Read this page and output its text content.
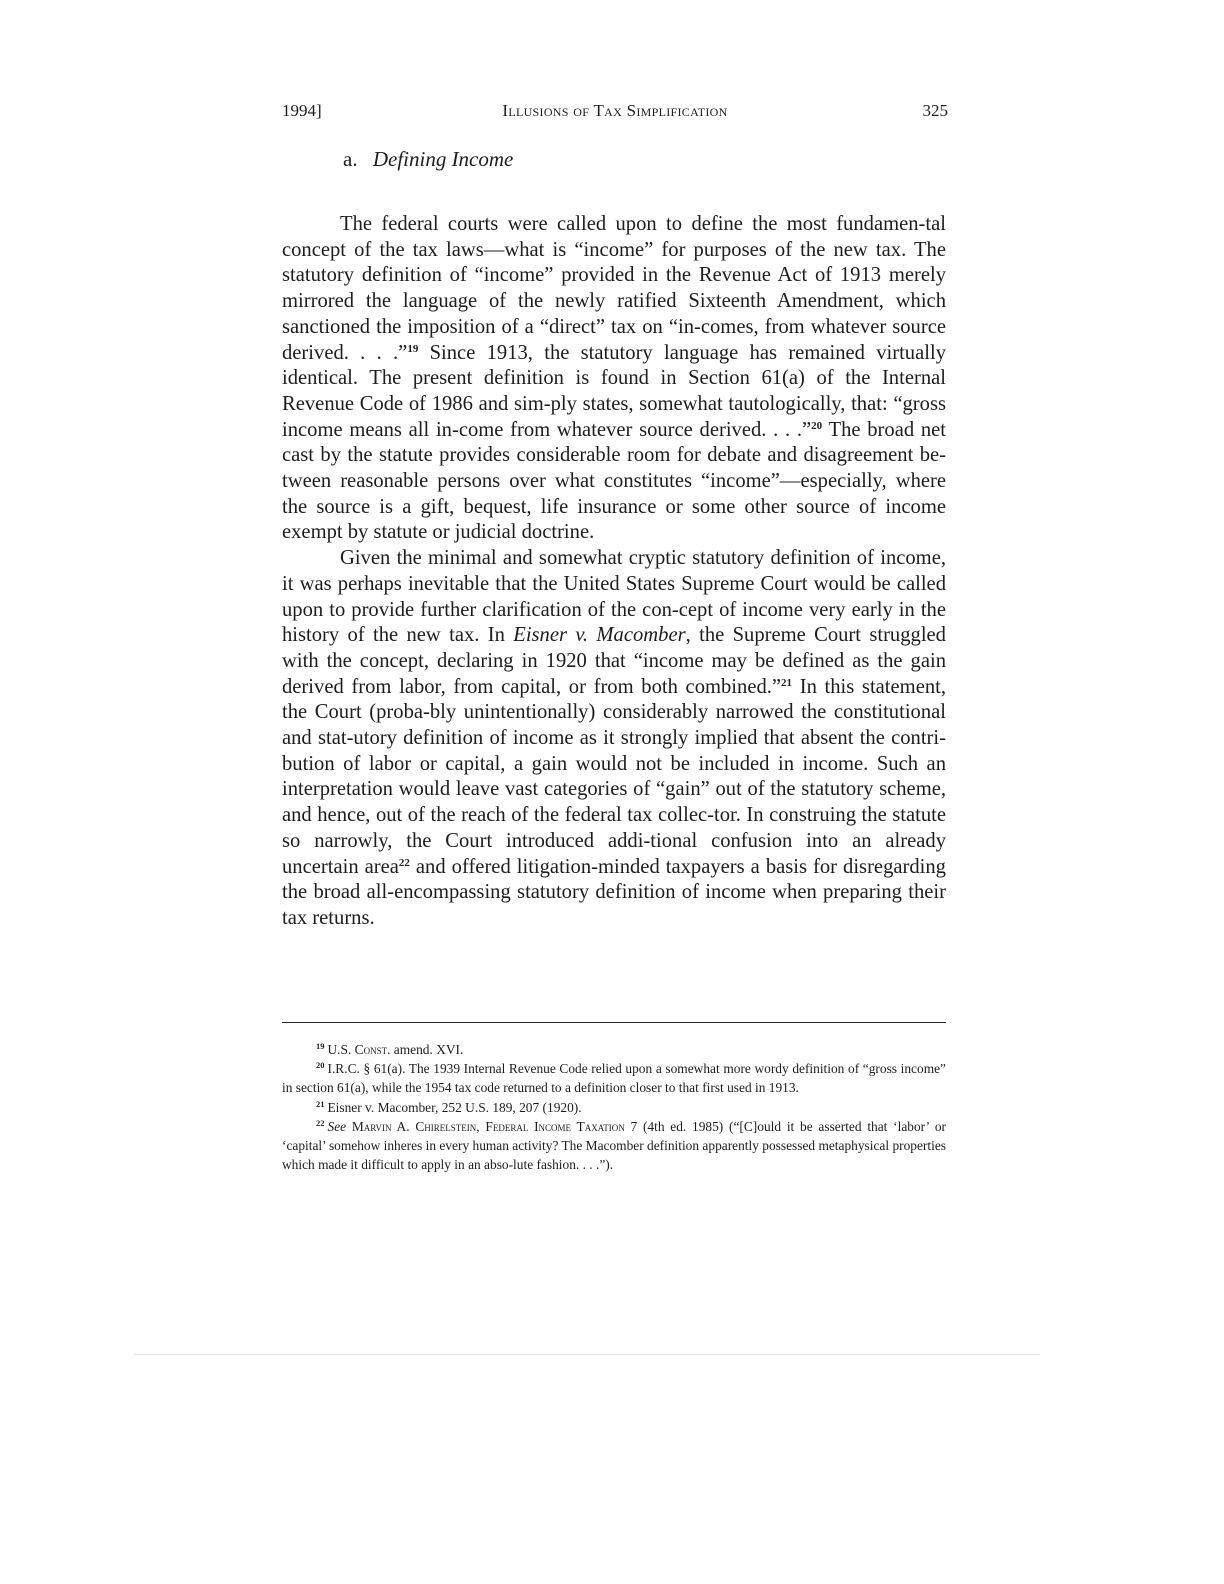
1994]	Illusions of Tax Simplification	325
a. Defining Income

The federal courts were called upon to define the most fundamen-tal concept of the tax laws—what is “income” for purposes of the new tax. The statutory definition of “income” provided in the Revenue Act of 1913 merely mirrored the language of the newly ratified Sixteenth Amendment, which sanctioned the imposition of a “direct” tax on “in-comes, from whatever source derived. . . .”$^{19}$ Since 1913, the statutory language has remained virtually identical. The present definition is found in Section 61(a) of the Internal Revenue Code of 1986 and sim-ply states, somewhat tautologically, that: “gross income means all in-come from whatever source derived. . . .”$^{20}$ The broad net cast by the statute provides considerable room for debate and disagreement be-tween reasonable persons over what constitutes “income”—especially, where the source is a gift, bequest, life insurance or some other source of income exempt by statute or judicial doctrine.

Given the minimal and somewhat cryptic statutory definition of income, it was perhaps inevitable that the United States Supreme Court would be called upon to provide further clarification of the con-cept of income very early in the history of the new tax. In Eisner v. Macomber, the Supreme Court struggled with the concept, declaring in 1920 that “income may be defined as the gain derived from labor, from capital, or from both combined.”$^{21}$ In this statement, the Court (proba-bly unintentionally) considerably narrowed the constitutional and stat-utory definition of income as it strongly implied that absent the contri-bution of labor or capital, a gain would not be included in income. Such an interpretation would leave vast categories of “gain” out of the statutory scheme, and hence, out of the reach of the federal tax collec-tor. In construing the statute so narrowly, the Court introduced addi-tional confusion into an already uncertain area$^{22}$ and offered litigation-minded taxpayers a basis for disregarding the broad all-encompassing statutory definition of income when preparing their tax returns.

$^{19}$ U.S. Const. amend. XVI.

$^{20}$ I.R.C. § 61(a). The 1939 Internal Revenue Code relied upon a somewhat more wordy definition of “gross income” in section 61(a), while the 1954 tax code returned to a definition closer to that first used in 1913.

$^{21}$ Eisner v. Macomber, 252 U.S. 189, 207 (1920).

$^{22}$ See Marvin A. Chirelstein, Federal Income Taxation 7 (4th ed. 1985) (“[C]ould it be asserted that ‘labor’ or ‘capital’ somehow inheres in every human activity? The Macomber definition apparently possessed metaphysical properties which made it difficult to apply in an abso-lute fashion. . . .”).
